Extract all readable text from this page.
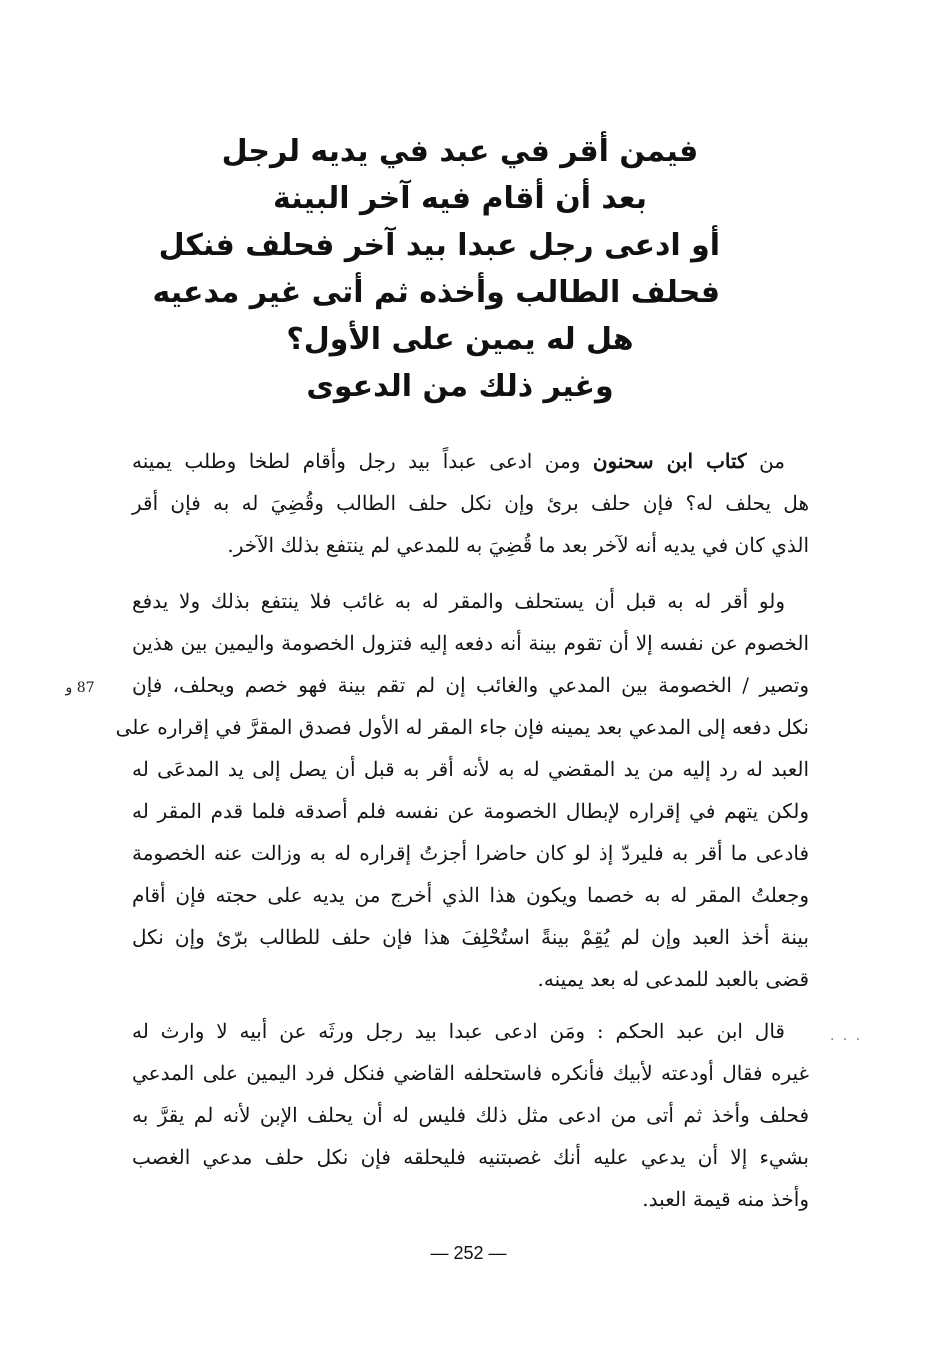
فيمن أقر في عبد في يديه لرجل
بعد أن أقام فيه آخر البينة
أو ادعى رجل عبدا بيد آخر فحلف فنكل
فحلف الطالب وأخذه ثم أتى غير مدعيه
هل له يمين على الأول؟
وغير ذلك من الدعوى
من كتاب ابن سحنون ومن ادعى عبداً بيد رجل وأقام لطخا وطلب يمينه
هل يحلف له؟ فإن حلف برئ وإن نكل حلف الطالب وقُضِيَ له به فإن أقر
الذي كان في يديه أنه لآخر بعد ما قُضِيَ به للمدعي لم ينتفع بذلك الآخر.
ولو أقر له به قبل أن يستحلف والمقر له به غائب فلا ينتفع بذلك ولا يدفع
الخصوم عن نفسه إلا أن تقوم بينة أنه دفعه إليه فتزول الخصومة واليمين بين هذين
وتصير / الخصومة بين المدعي والغائب إن لم تقم بينة فهو خصم ويحلف، فإن
نكل دفعه إلى المدعي بعد يمينه فإن جاء المقر له الأول فصدق المقرَّ في إقراره على
العبد له رد إليه من يد المقضي له به لأنه أقر به قبل أن يصل إلى يد المدعَى له
ولكن يتهم في إقراره لإبطال الخصومة عن نفسه فلم أصدقه فلما قدم المقر له
فادعى ما أقر به فليردّ إذ لو كان حاضرا أجزتُ إقراره له به وزالت عنه الخصومة
وجعلتُ المقر له به خصما ويكون هذا الذي أخرج من يديه على حجته فإن أقام
بينة أخذ العبد وإن لم يُقِمْ بينةً استُحْلِفَ هذا فإن حلف للطالب برّئ وإن نكل
قضى بالعبد للمدعى له بعد يمينه.
قال ابن عبد الحكم : ومَن ادعى عبدا بيد رجل ورثَه عن أبيه لا وارث له
غيره فقال أودعته لأبيك فأنكره فاستحلفه القاضي فنكل فرد اليمين على المدعي
فحلف وأخذ ثم أتى من ادعى مثل ذلك فليس له أن يحلف الإبن لأنه لم يقرَّ به
بشيء إلا أن يدعي عليه أنك غصبتنيه فليحلقه فإن نكل حلف مدعي الغصب
وأخذ منه قيمة العبد.
87 و
. . .
— 252 —
